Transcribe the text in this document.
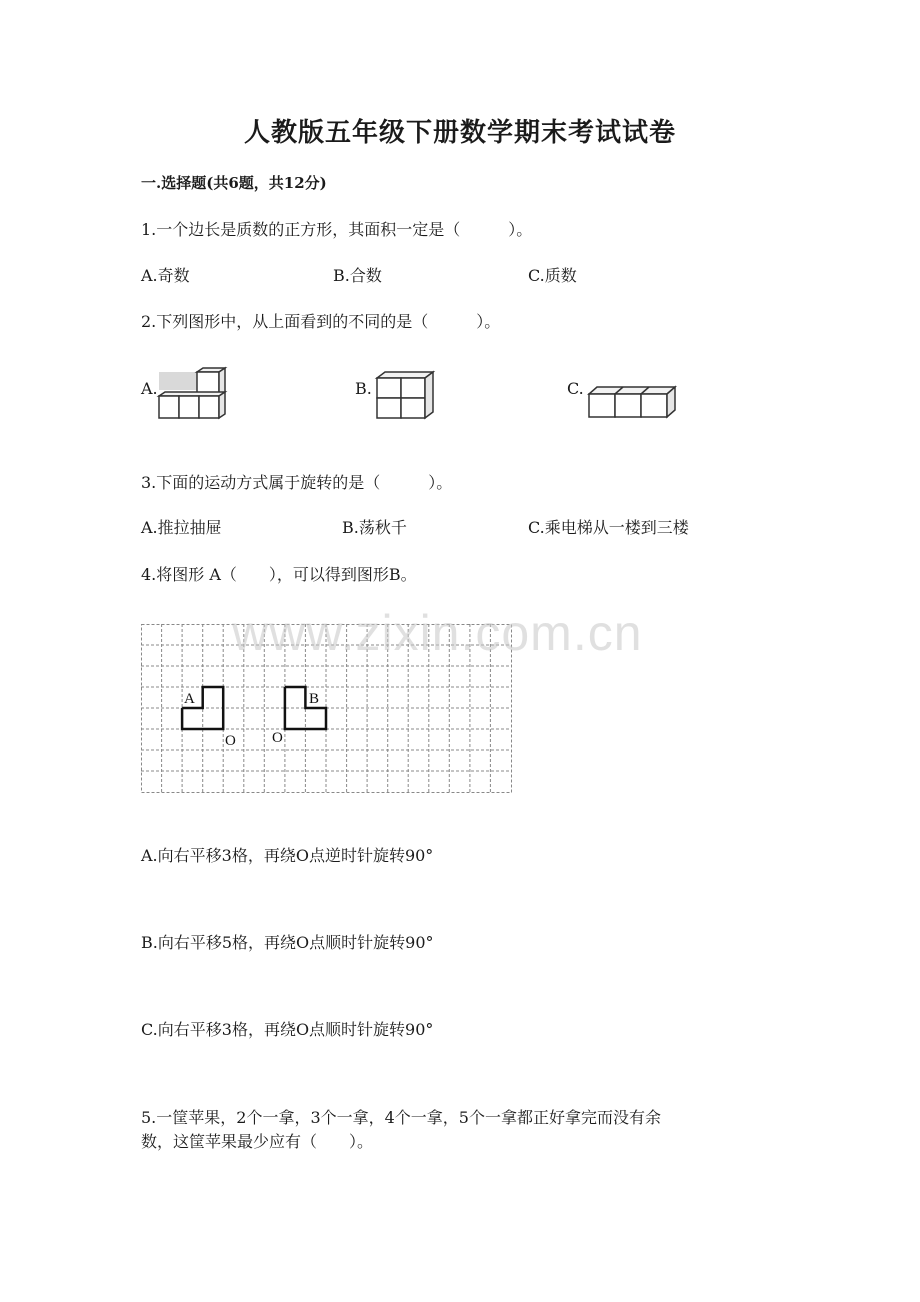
人教版五年级下册数学期末考试试卷
一.选择题(共6题，共12分)
1.一个边长是质数的正方形，其面积一定是（　　　）。
A.奇数	B.合数	C.质数
2.下列图形中，从上面看到的不同的是（　　　）。
A.	B.	C.
3.下面的运动方式属于旋转的是（　　　）。
A.推拉抽屉	B.荡秋千	C.乘电梯从一楼到三楼
4.将图形 A（　　），可以得到图形B。
A	B
O O
www.zixin.com.cn
A.向右平移3格，再绕O点逆时针旋转90°
B.向右平移5格，再绕O点顺时针旋转90°
C.向右平移3格，再绕O点顺时针旋转90°
5.一筐苹果，2个一拿，3个一拿，4个一拿，5个一拿都正好拿完而没有余
数，这筐苹果最少应有（　　）。
